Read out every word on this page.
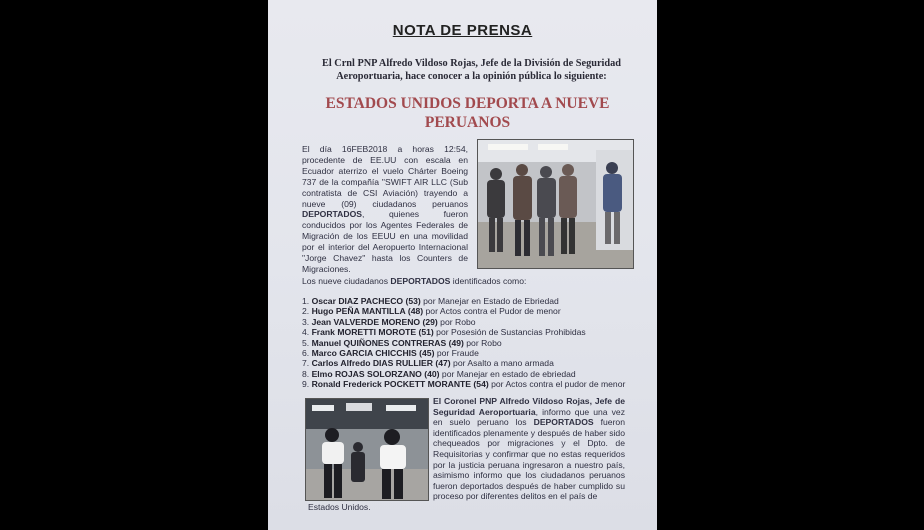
NOTA DE PRENSA
El Crnl PNP Alfredo Vildoso Rojas, Jefe de la División de Seguridad Aeroportuaria, hace conocer a la opinión pública lo siguiente:
ESTADOS UNIDOS DEPORTA A NUEVE PERUANOS
El día 16FEB2018 a horas 12:54, procedente de EE.UU con escala en Ecuador aterrizo el vuelo Chárter Boeing 737 de la compañía "SWIFT AIR LLC (Sub contratista de CSI Aviación) trayendo a nueve (09) ciudadanos peruanos DEPORTADOS, quienes fueron conducidos por los Agentes Federales de Migración de los EEUU en una movilidad por el interior del Aeropuerto Internacional "Jorge Chavez" hasta los Counters de Migraciones.
Los nueve ciudadanos DEPORTADOS identificados como:
1. Oscar DIAZ PACHECO (53) por Manejar en Estado de Ebriedad
2. Hugo PEÑA MANTILLA (48) por Actos contra el Pudor de menor
3. Jean VALVERDE MORENO (29) por Robo
4. Frank MORETTI MOROTE (51) por Posesión de Sustancias Prohibidas
5. Manuel QUIÑONES CONTRERAS (49) por Robo
6. Marco GARCIA CHICCHIS (45) por Fraude
7. Carlos Alfredo DIAS RULLIER (47) por Asalto a mano armada
8. Elmo ROJAS SOLORZANO (40) por Manejar en estado de ebriedad
9. Ronald Frederick POCKETT MORANTE (54) por Actos contra el pudor de menor
El Coronel PNP Alfredo Vildoso Rojas, Jefe de Seguridad Aeroportuaria, informo que una vez en suelo peruano los DEPORTADOS fueron identificados plenamente y después de haber sido chequeados por migraciones y el Dpto. de Requisitorias y confirmar que no estas requeridos por la justicia peruana ingresaron a nuestro país, asimismo informo que los ciudadanos peruanos fueron deportados después de haber cumplido su proceso por diferentes delitos en el país de
Estados Unidos.
